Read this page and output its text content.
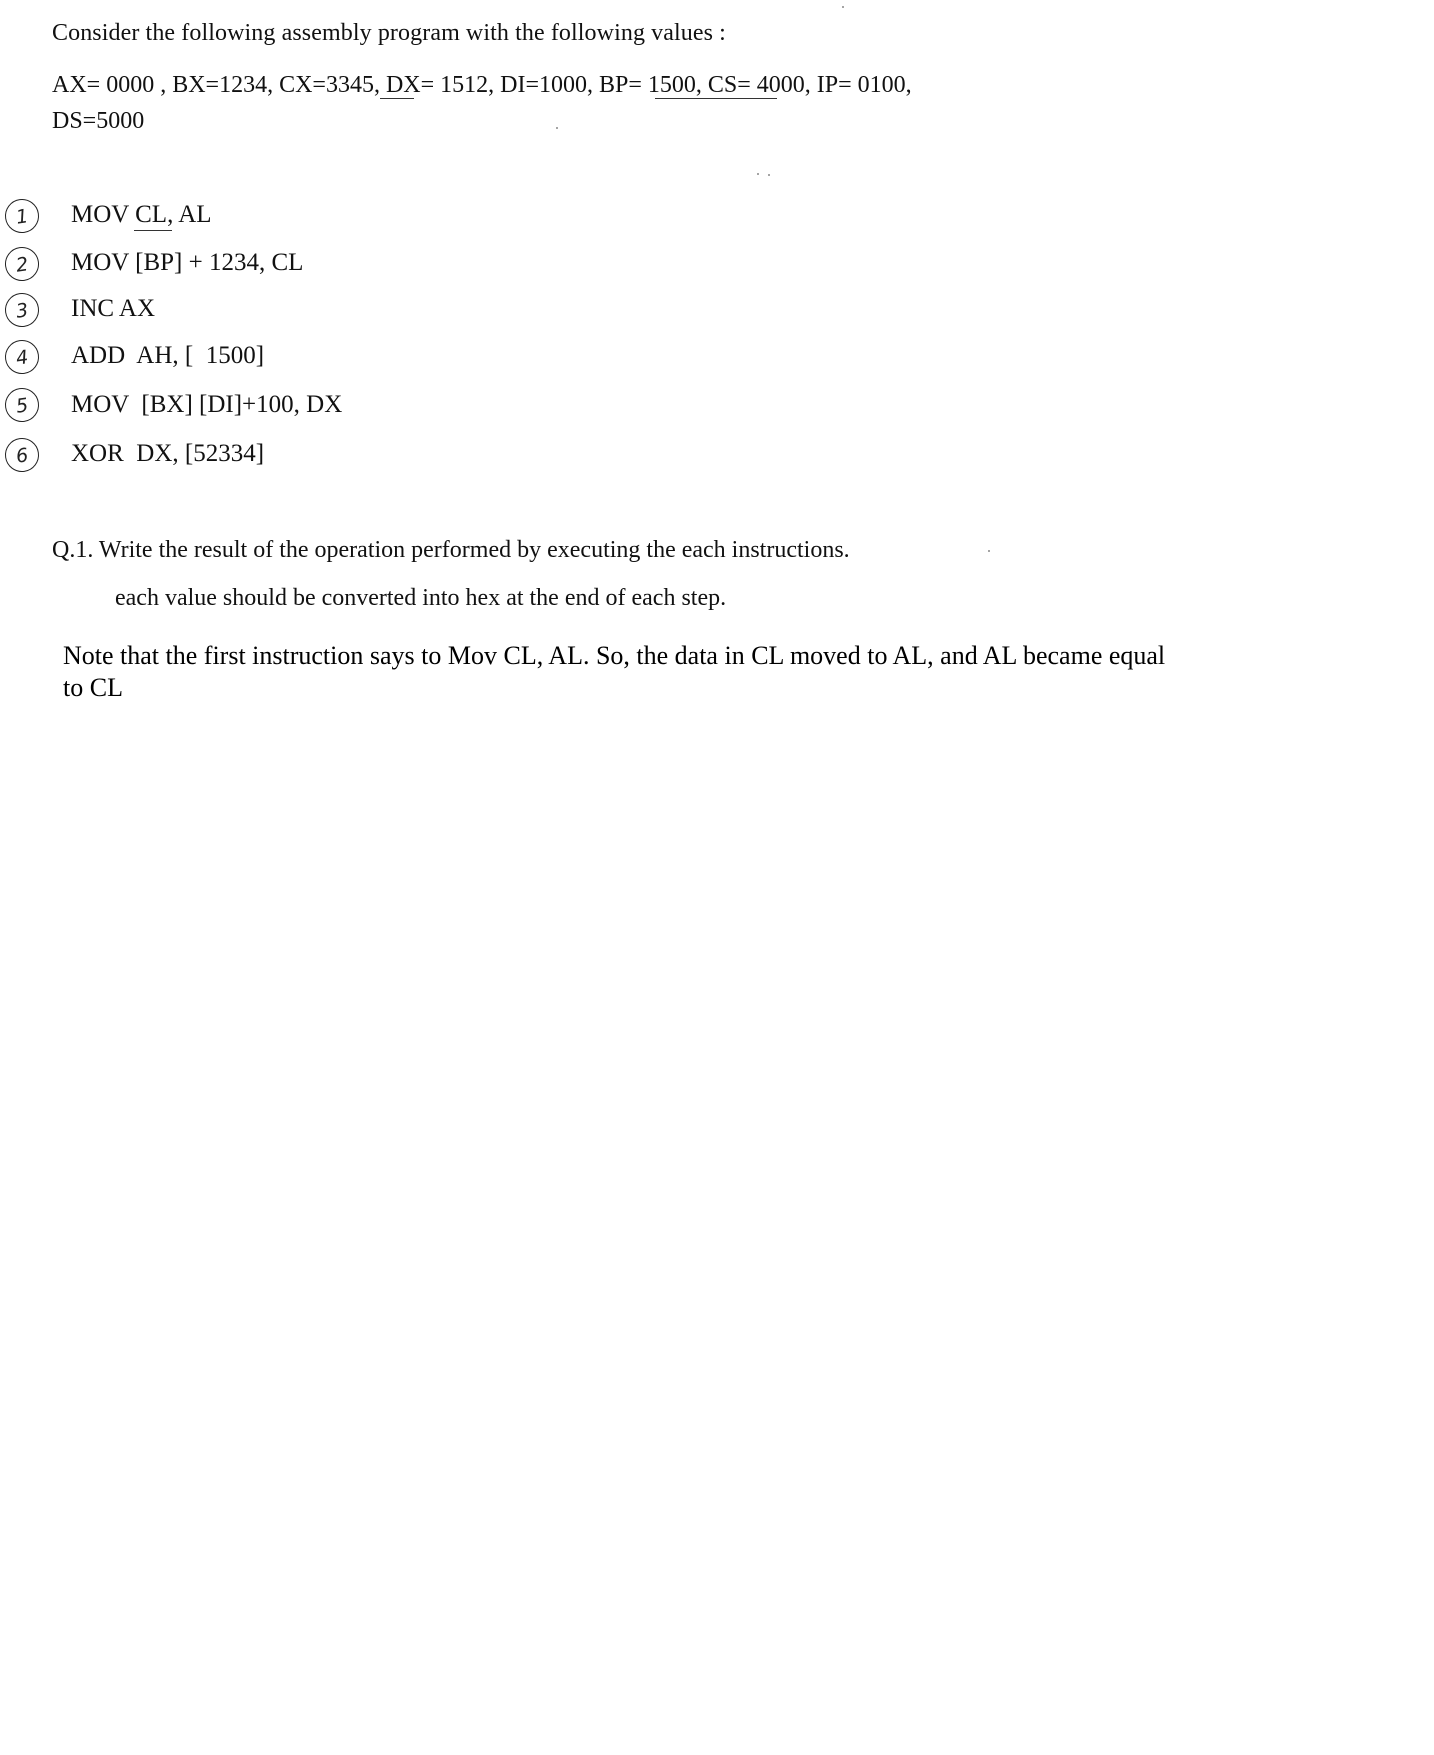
Consider the following assembly program with the following values :
AX= 0000 , BX=1234, CX=3345, DX= 1512, DI=1000, BP= 1500, CS= 4000, IP= 0100,
DS=5000
1	MOV CL, AL
2	MOV [BP] + 1234, CL
3	INC AX
4	ADD  AH, [  1500]
5	MOV  [BX] [DI]+100, DX
6	XOR  DX, [52334]
Q.1. Write the result of the operation performed by executing the each instructions.
each value should be converted into hex at the end of each step.
Note that the first instruction says to Mov CL, AL. So, the data in CL moved to AL, and AL became equal to CL
